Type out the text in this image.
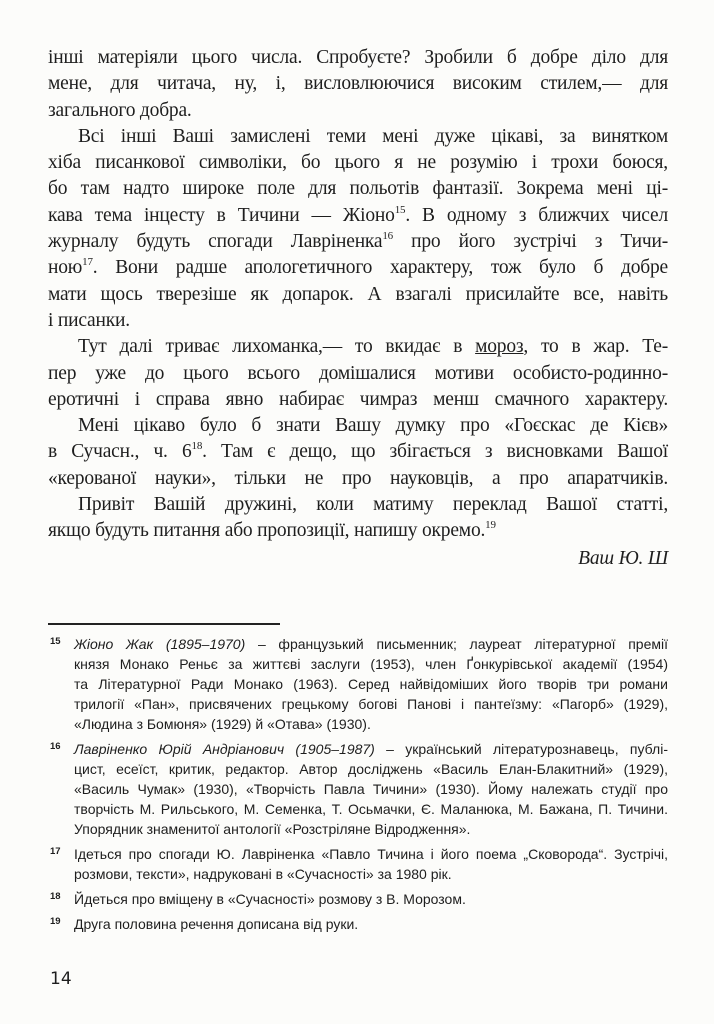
інші матеріяли цього числа. Спробуєте? Зробили б добре діло для
мене, для читача, ну, і, висловлюючися високим стилем,— для
загального добра.
Всі інші Ваші замислені теми мені дуже цікаві, за винятком
хіба писанкової символіки, бо цього я не розумію і трохи боюся,
бо там надто широке поле для польотів фантазії. Зокрема мені ці-
кава тема інцесту в Тичини — Жіоно$^{15}$. В одному з ближчих чисел
журналу будуть спогади Лавріненка$^{16}$ про його зустрічі з Тичи-
ною$^{17}$. Вони радше апологетичного характеру, тож було б добре
мати щось тверезіше як допарок. А взагалі присилайте все, навіть
і писанки.
Тут далі триває лихоманка,— то вкидає в мороз, то в жар. Те-
пер уже до цього всього домішалися мотиви особисто-родинно-
еротичні і справа явно набирає чимраз менш смачного характеру.
Мені цікаво було б знати Вашу думку про «Гоєскас де Кієв»
в Сучасн., ч. $6^{18}$. Там є дещо, що збігається з висновками Вашої
«керованої науки», тільки не про науковців, а про апаратчиків.
Привіт Вашій дружині, коли матиму переклад Вашої статті,
якщо будуть питання або пропозиції, напишу окремо.$^{19}$
Ваш Ю. Ш
15 Жіоно Жак (1895–1970) – французький письменник; лауреат літературної премії
князя Монако Реньє за життєві заслуги (1953), член Ґонкурівської академії (1954)
та Літературної Ради Монако (1963). Серед найвідоміших його творів три романи
трилогії «Пан», присвячених грецькому богові Панові і пантеїзму: «Пагорб» (1929),
«Людина з Бомюня» (1929) й «Отава» (1930).
16 Лавріненко Юрій Андріанович (1905–1987) – український літературознавець, публі-
цист, есеїст, критик, редактор. Автор досліджень «Василь Елан-Блакитний» (1929),
«Василь Чумак» (1930), «Творчість Павла Тичини» (1930). Йому належать студії про
творчість М. Рильського, М. Семенка, Т. Осьмачки, Є. Маланюка, М. Бажана, П. Тичини.
Упорядник знаменитої антології «Розстріляне Відродження».
17 Ідеться про спогади Ю. Лавріненка «Павло Тичина і його поема „Сковорода“. Зустрічі,
розмови, тексти», надруковані в «Сучасності» за 1980 рік.
18 Йдеться про вміщену в «Сучасності» розмову з В. Морозом.
19 Друга половина речення дописана від руки.
14
